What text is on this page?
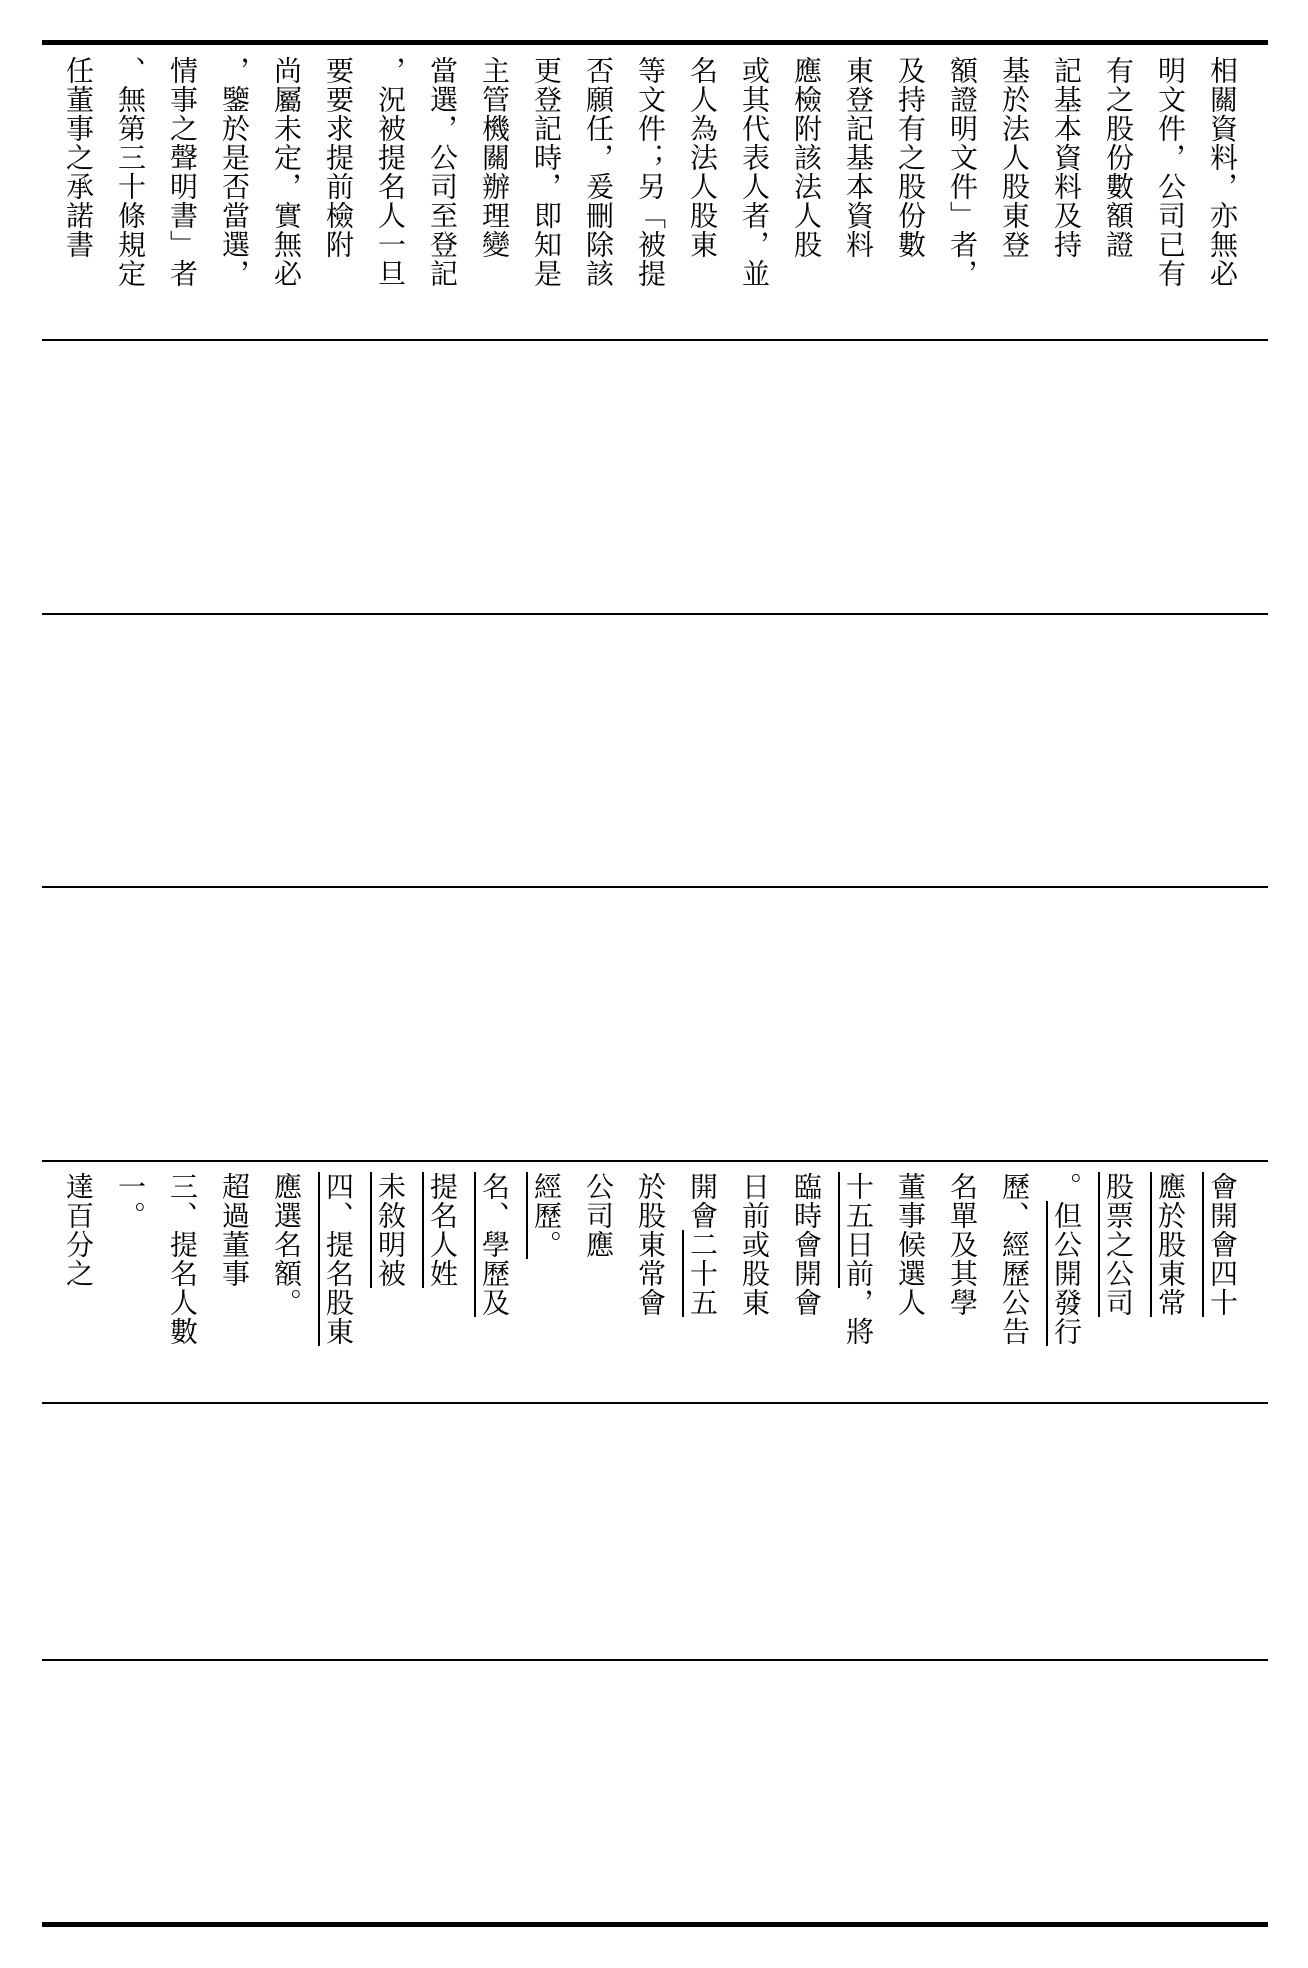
任董事之承諾書 、無第三十條規定 情事之聲明書」者 ，鑒於是否當選， 尚屬未定，實無必 要要求提前檢附 ，況被提名人一旦 當選，公司至登記 主管機關辦理變 更登記時，即知是 否願任，爰刪除該 等文件；另「被提 名人為法人股東 或其代表人者，並 應檢附該法人股 東登記基本資料 及持有之股份數 額證明文件」者， 基於法人股東登 記基本資料及持 有之股份數額證 明文件，公司已有 相關資料，亦無必
達百分之 一。 三、提名人數 超過董事 應選名額。 四、提名股東 未敘明被 提名人姓 名、學歷及 經歷。 公司應 於股東常會 開會二十五 日前或股東 臨時會開會 十五日前，將 董事候選人 名單及其學 歷、經歷公告 。但公開發行 股票之公司 應於股東常 會開會四十
